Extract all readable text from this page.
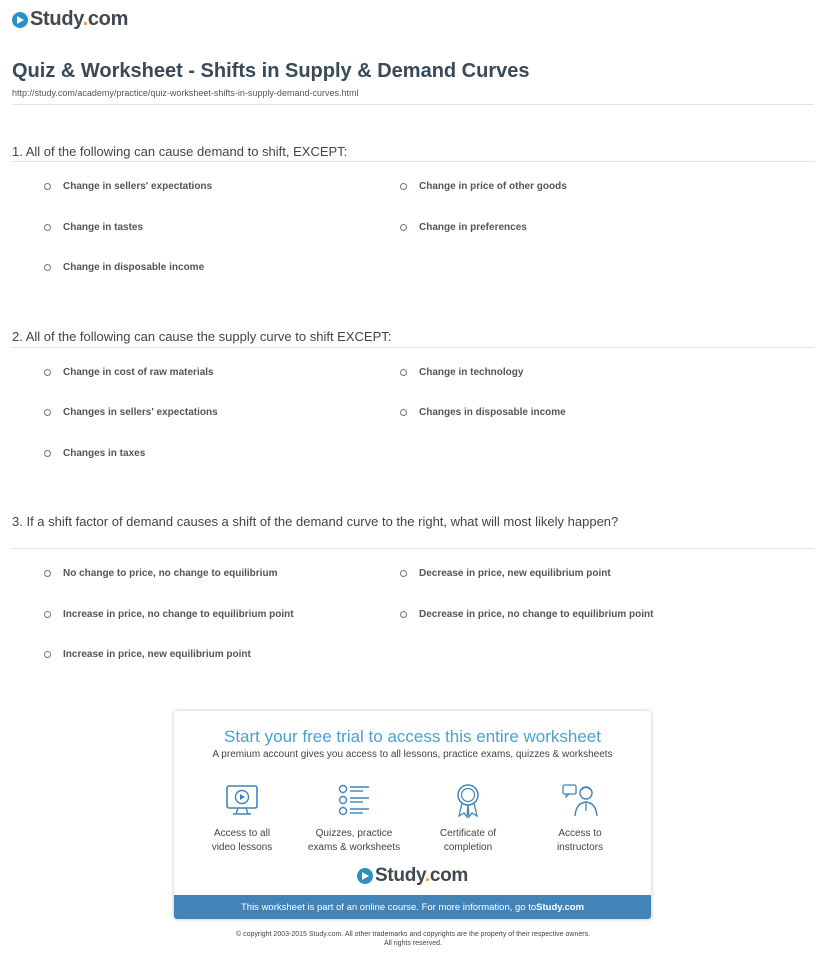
Study.com
Quiz & Worksheet - Shifts in Supply & Demand Curves
http://study.com/academy/practice/quiz-worksheet-shifts-in-supply-demand-curves.html
1. All of the following can cause demand to shift, EXCEPT:
Change in sellers' expectations	Change in price of other goods
Change in tastes	Change in preferences
Change in disposable income
2. All of the following can cause the supply curve to shift EXCEPT:
Change in cost of raw materials	Change in technology
Changes in sellers' expectations	Changes in disposable income
Changes in taxes
3. If a shift factor of demand causes a shift of the demand curve to the right, what will most likely happen?
No change to price, no change to equilibrium	Decrease in price, new equilibrium point
Increase in price, no change to equilibrium point	Decrease in price, no change to equilibrium point
Increase in price, new equilibrium point
Start your free trial to access this entire worksheet
A premium account gives you access to all lessons, practice exams, quizzes & worksheets
Access to all
video lessons
Quizzes, practice
exams & worksheets
Certificate of
completion
Access to
instructors
Study.com
This worksheet is part of an online course. For more information, go to Study.com
© copyright 2003-2015 Study.com. All other trademarks and copyrights are the property of their respective owners.
All rights reserved.
